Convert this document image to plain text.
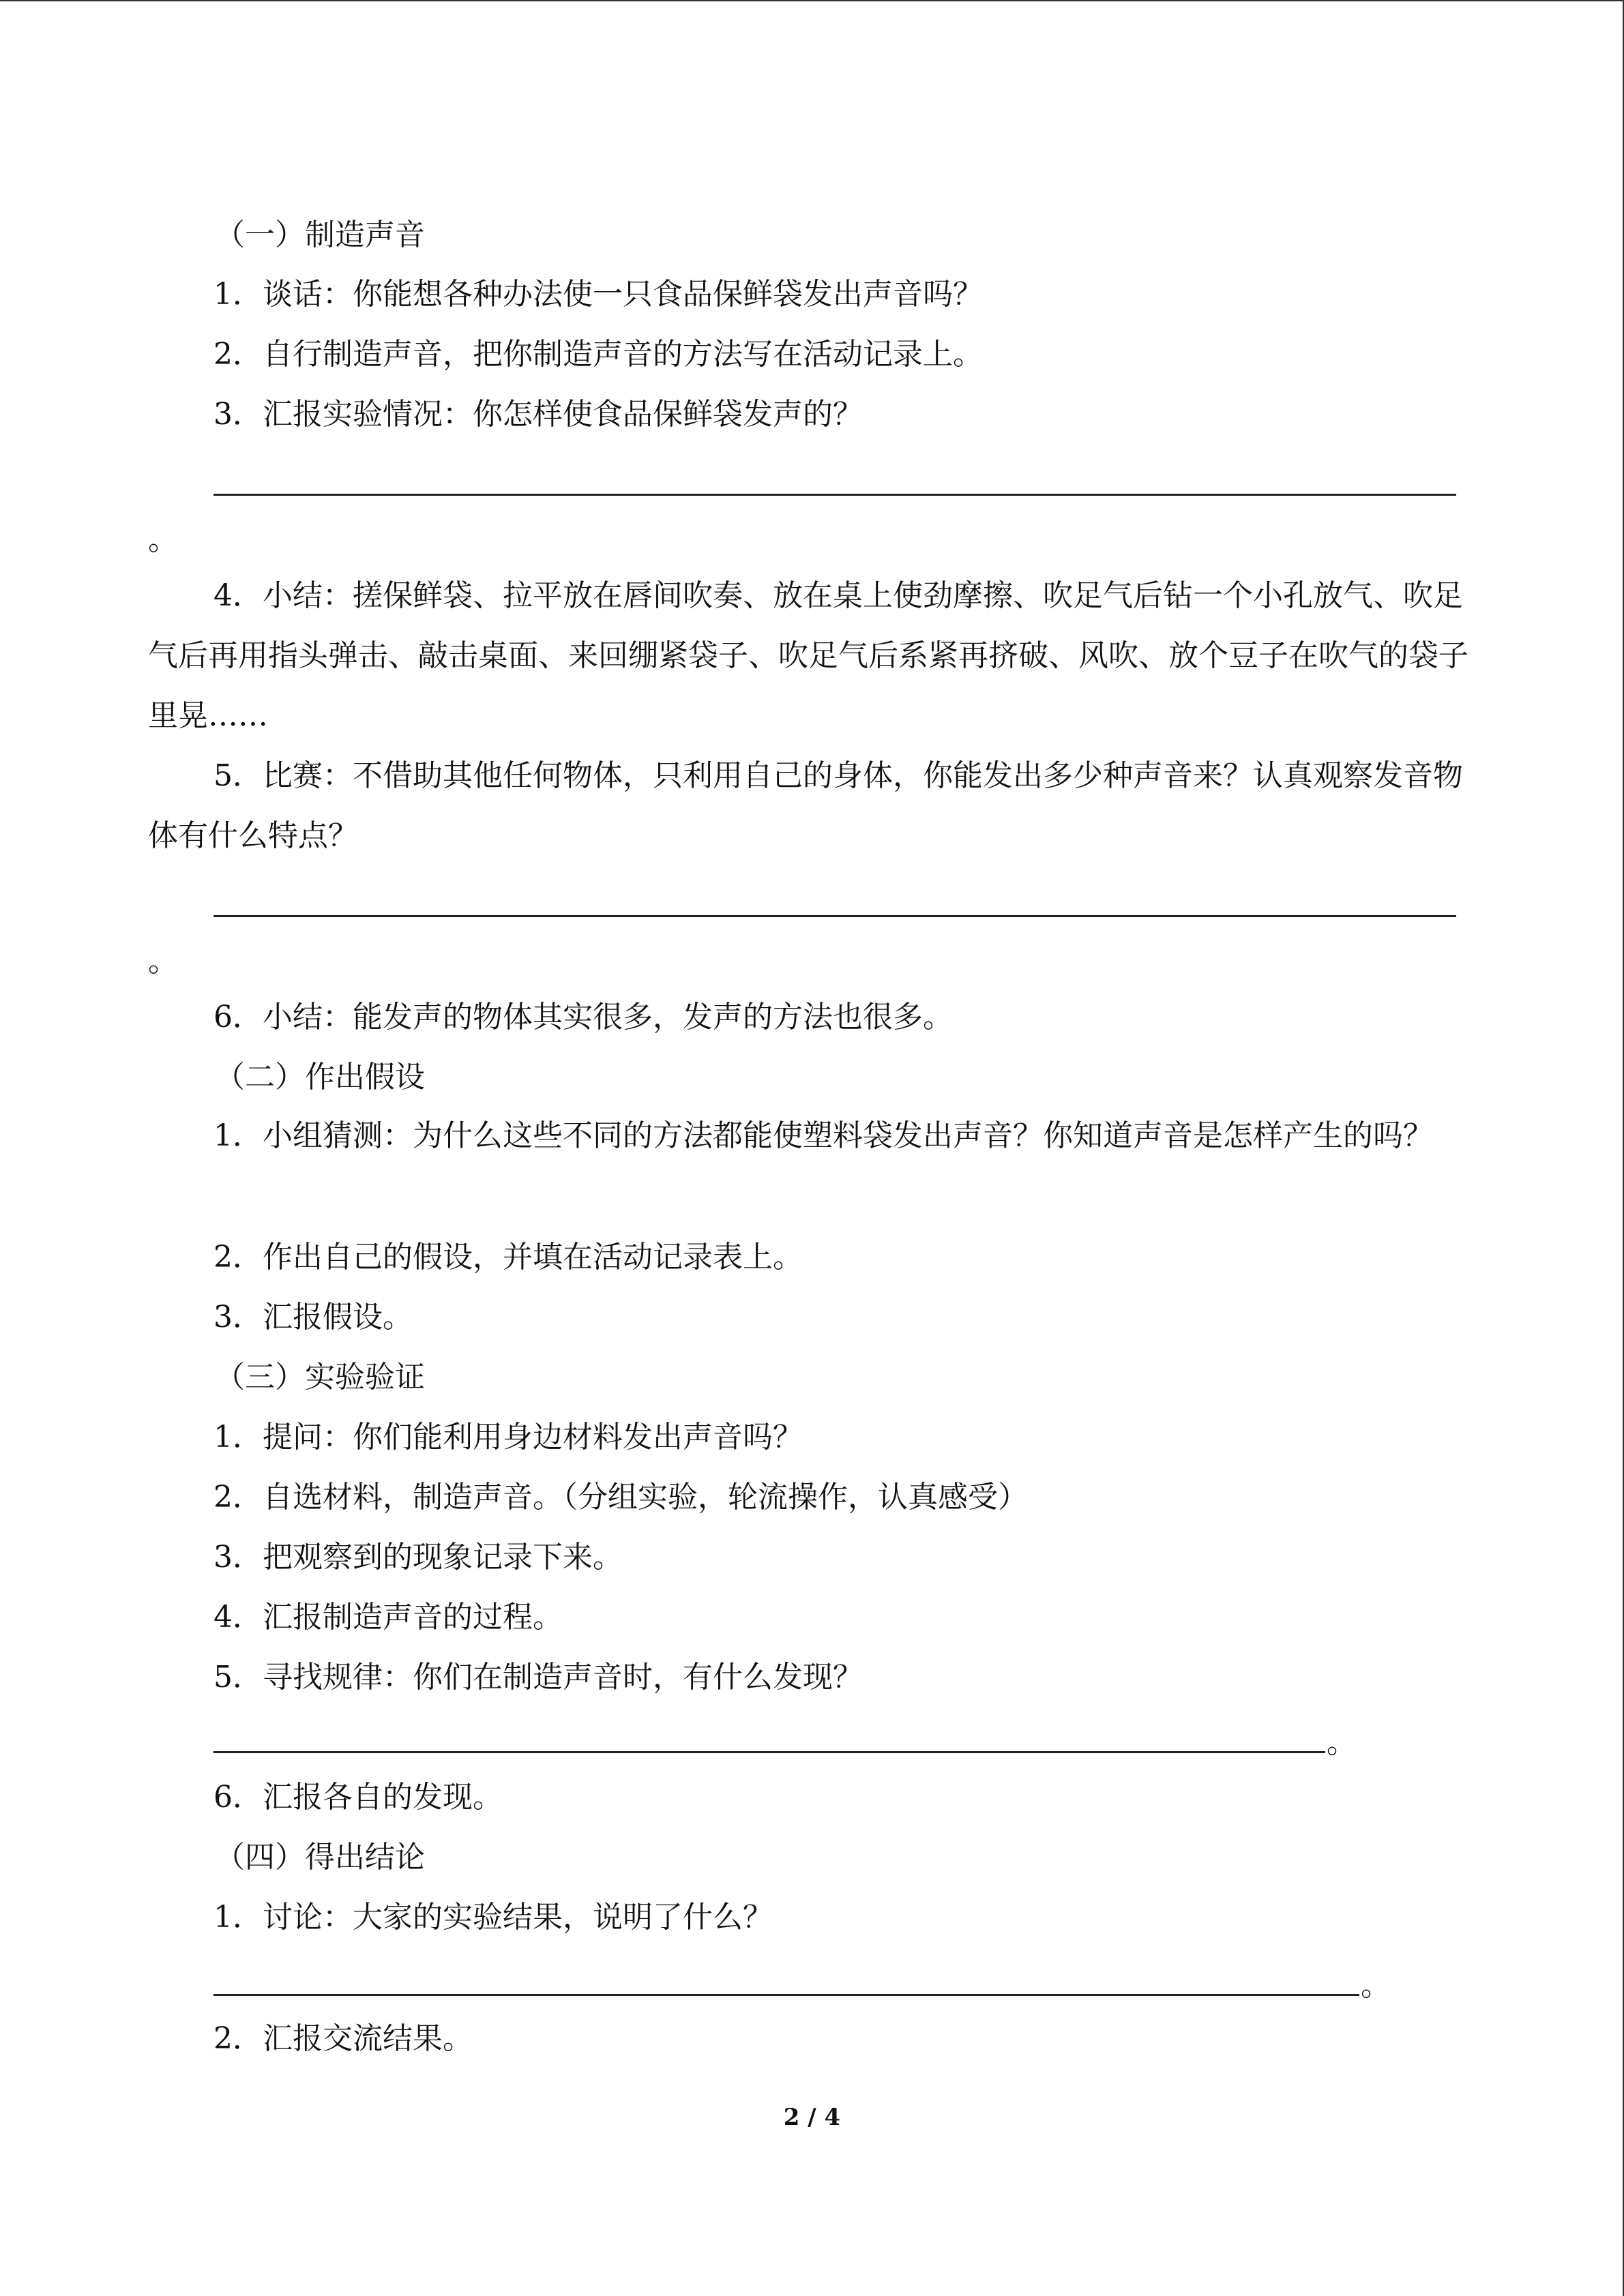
（一）制造声音
1．谈话：你能想各种办法使一只食品保鲜袋发出声音吗？
2．自行制造声音，把你制造声音的方法写在活动记录上。
3．汇报实验情况：你怎样使食品保鲜袋发声的？
。
4．小结：搓保鲜袋、拉平放在唇间吹奏、放在桌上使劲摩擦、吹足气后钻一个小孔放气、吹足气后再用指头弹击、敲击桌面、来回绷紧袋子、吹足气后系紧再挤破、风吹、放个豆子在吹气的袋子里晃……
5．比赛：不借助其他任何物体，只利用自己的身体，你能发出多少种声音来？认真观察发音物体有什么特点？
。
6．小结：能发声的物体其实很多，发声的方法也很多。
（二）作出假设
1．小组猜测：为什么这些不同的方法都能使塑料袋发出声音？你知道声音是怎样产生的吗？
2．作出自己的假设，并填在活动记录表上。
3．汇报假设。
（三）实验验证
1．提问：你们能利用身边材料发出声音吗？
2．自选材料，制造声音。（分组实验，轮流操作，认真感受）
3．把观察到的现象记录下来。
4．汇报制造声音的过程。
5．寻找规律：你们在制造声音时，有什么发现？
。
6．汇报各自的发现。
（四）得出结论
1．讨论：大家的实验结果，说明了什么？
。
2．汇报交流结果。
2 / 4
